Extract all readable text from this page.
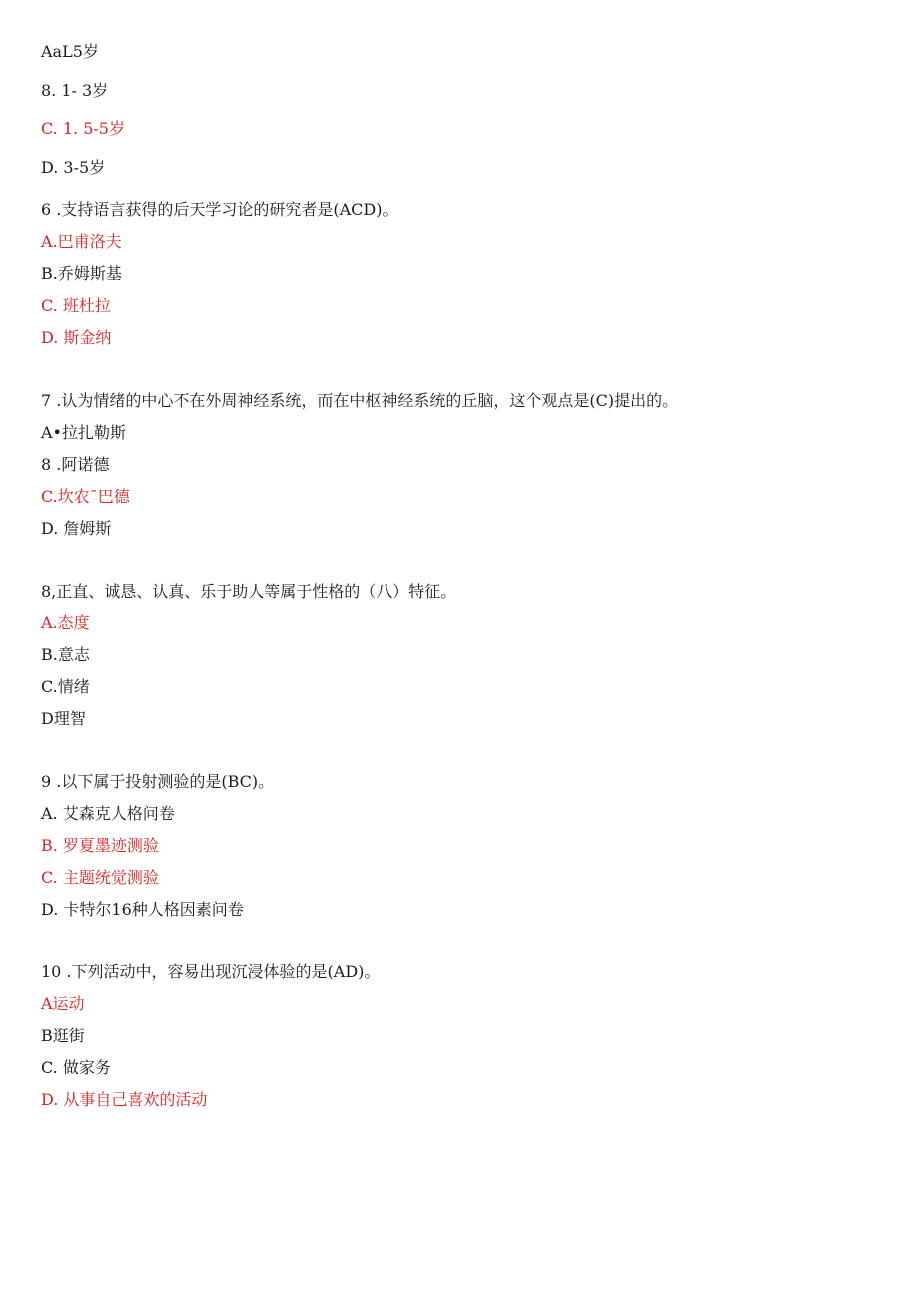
AaL5岁
8. 1- 3岁
C. 1. 5-5岁
D. 3-5岁
6 .支持语言获得的后天学习论的研究者是(ACD)。
A.巴甫洛夫
B.乔姆斯基
C. 班杜拉
D. 斯金纳
7 .认为情绪的中心不在外周神经系统，而在中枢神经系统的丘脑，这个观点是(C)提出的。
A•拉扎勒斯
8 .阿诺德
C.坎农¯巴德
D. 詹姆斯
8,正直、诚恳、认真、乐于助人等属于性格的（八）特征。
A.态度
B.意志
C.情绪
D理智
9 .以下属于投射测验的是(BC)。
A. 艾森克人格问卷
B. 罗夏墨迹测验
C. 主题统觉测验
D. 卡特尔16种人格因素问卷
10 .下列活动中，容易出现沉浸体验的是(AD)。
A运动
B逛街
C. 做家务
D. 从事自己喜欢的活动
